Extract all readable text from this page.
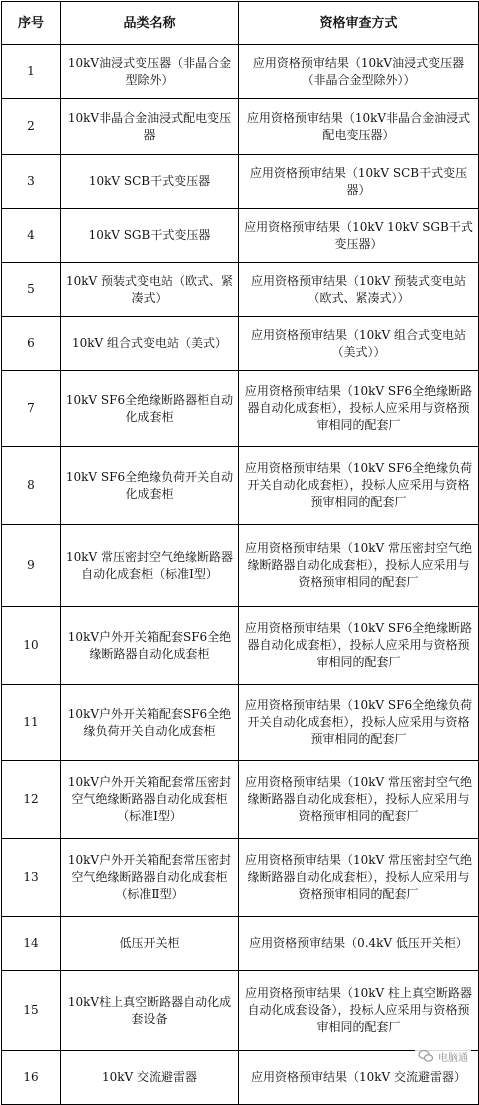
序号	品类名称	资格审查方式
1	10kV油浸式变压器（非晶合金型除外）	应用资格预审结果（10kV油浸式变压器（非晶合金型除外））
2	10kV非晶合金油浸式配电变压器	应用资格预审结果（10kV非晶合金油浸式配电变压器）
3	10kV SCB干式变压器	应用资格预审结果（10kV SCB干式变压器）
4	10kV SGB干式变压器	应用资格预审结果（10kV 10kV SGB干式变压器）
5	10kV 预装式变电站（欧式、紧凑式）	应用资格预审结果（10kV 预装式变电站（欧式、紧凑式））
6	10kV 组合式变电站（美式）	应用资格预审结果（10kV 组合式变电站（美式））
7	10kV SF6全绝缘断路器柜自动化成套柜	应用资格预审结果（10kV SF6全绝缘断路器自动化成套柜），投标人应采用与资格预审相同的配套厂
8	10kV SF6全绝缘负荷开关自动化成套柜	应用资格预审结果（10kV SF6全绝缘负荷开关自动化成套柜），投标人应采用与资格预审相同的配套厂
9	10kV 常压密封空气绝缘断路器自动化成套柜（标准Ⅰ型）	应用资格预审结果（10kV 常压密封空气绝缘断路器自动化成套柜），投标人应采用与资格预审相同的配套厂
10	10kV户外开关箱配套SF6全绝缘断路器自动化成套柜	应用资格预审结果（10kV SF6全绝缘断路器自动化成套柜），投标人应采用与资格预审相同的配套厂
11	10kV户外开关箱配套SF6全绝缘负荷开关自动化成套柜	应用资格预审结果（10kV SF6全绝缘负荷开关自动化成套柜），投标人应采用与资格预审相同的配套厂
12	10kV户外开关箱配套常压密封空气绝缘断路器自动化成套柜（标准Ⅰ型）	应用资格预审结果（10kV 常压密封空气绝缘断路器自动化成套柜），投标人应采用与资格预审相同的配套厂
13	10kV户外开关箱配套常压密封空气绝缘断路器自动化成套柜（标准Ⅱ型）	应用资格预审结果（10kV 常压密封空气绝缘断路器自动化成套柜），投标人应采用与资格预审相同的配套厂
14	低压开关柜	应用资格预审结果（0.4kV 低压开关柜）
15	10kV柱上真空断路器自动化成套设备	应用资格预审结果（10kV 柱上真空断路器自动化成套设备），投标人应采用与资格预审相同的配套厂
16	10kV 交流避雷器	应用资格预审结果（10kV 交流避雷器）
电脑通
